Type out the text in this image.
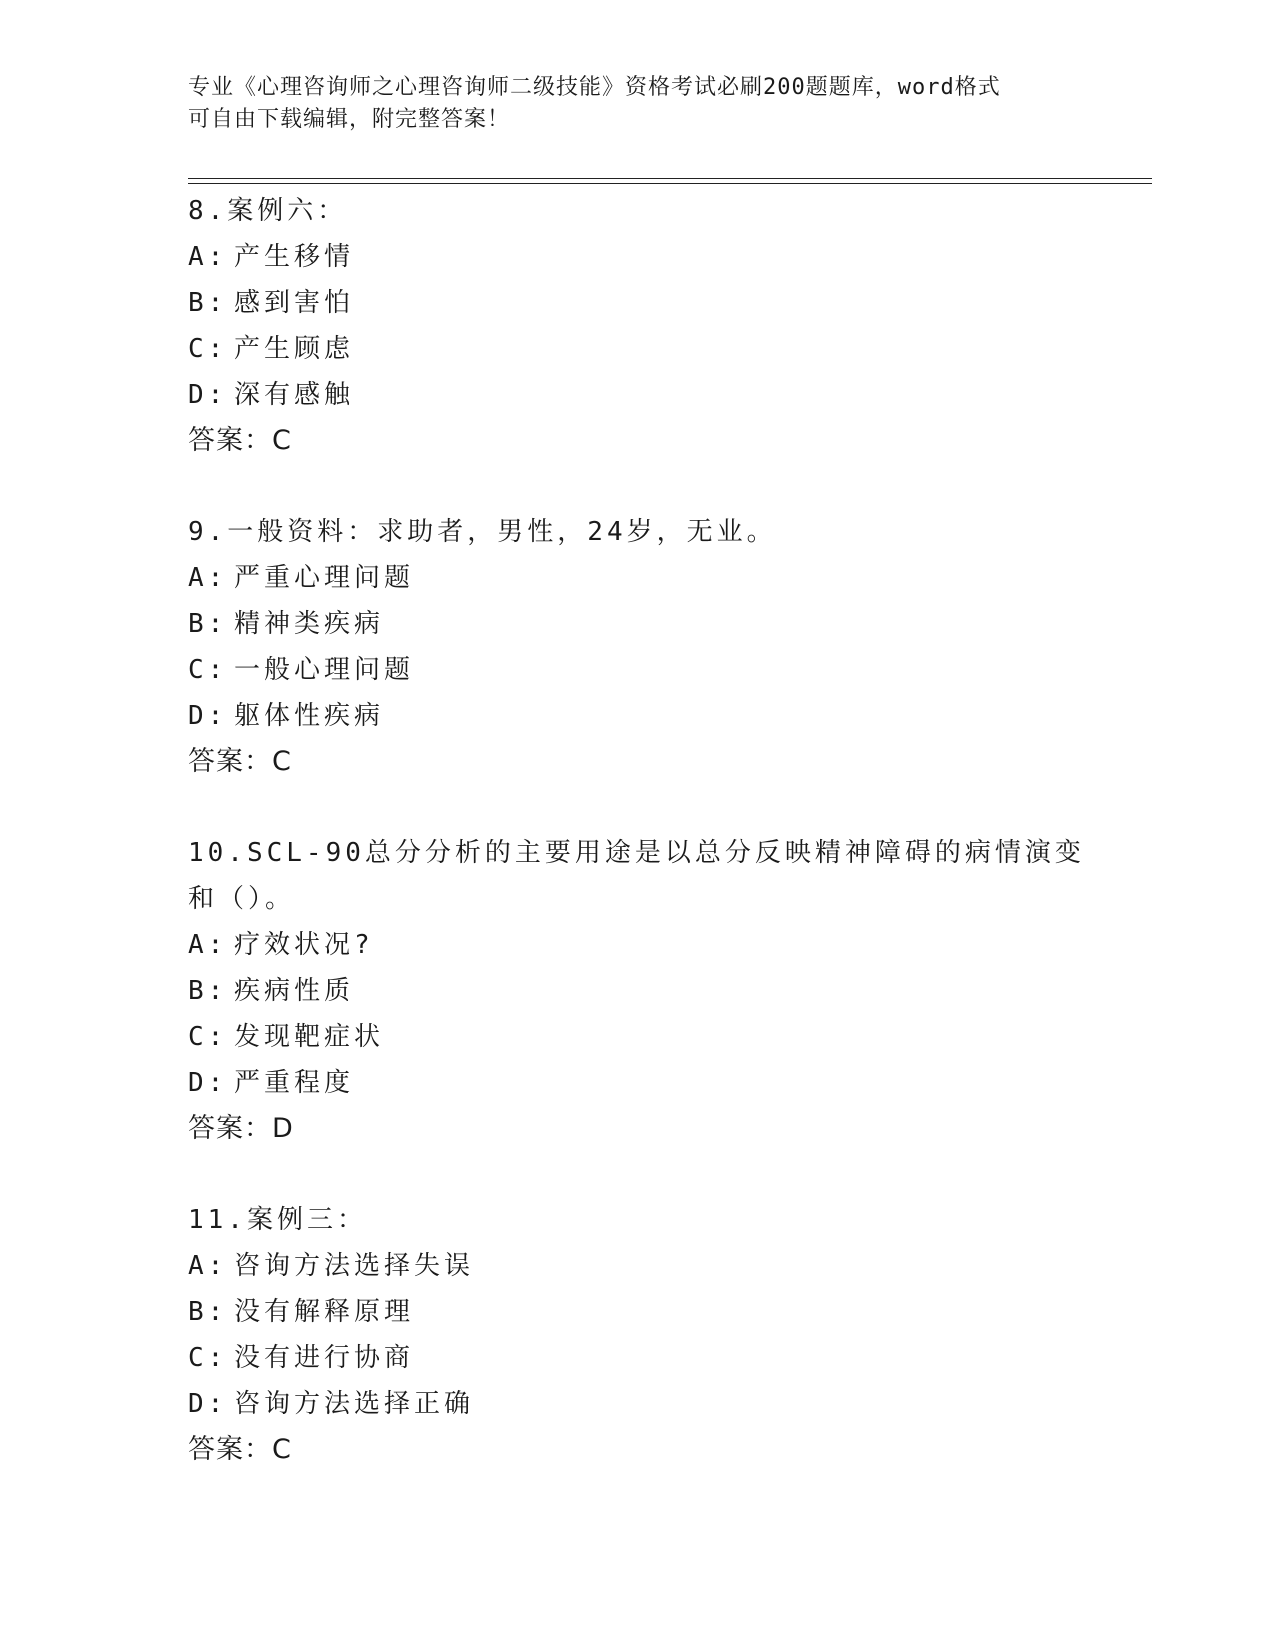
专业《心理咨询师之心理咨询师二级技能》资格考试必刷200题题库，word格式
可自由下载编辑，附完整答案！
8.案例六：
A: 产生移情
B: 感到害怕
C: 产生顾虑
D: 深有感触
答案：C
9.一般资料：求助者，男性，24岁，无业。
A: 严重心理问题
B: 精神类疾病
C: 一般心理问题
D: 躯体性疾病
答案：C
10.SCL-90总分分析的主要用途是以总分反映精神障碍的病情演变和（）。
A: 疗效状况?
B: 疾病性质
C: 发现靶症状
D: 严重程度
答案：D
11.案例三：
A: 咨询方法选择失误
B: 没有解释原理
C: 没有进行协商
D: 咨询方法选择正确
答案：C
